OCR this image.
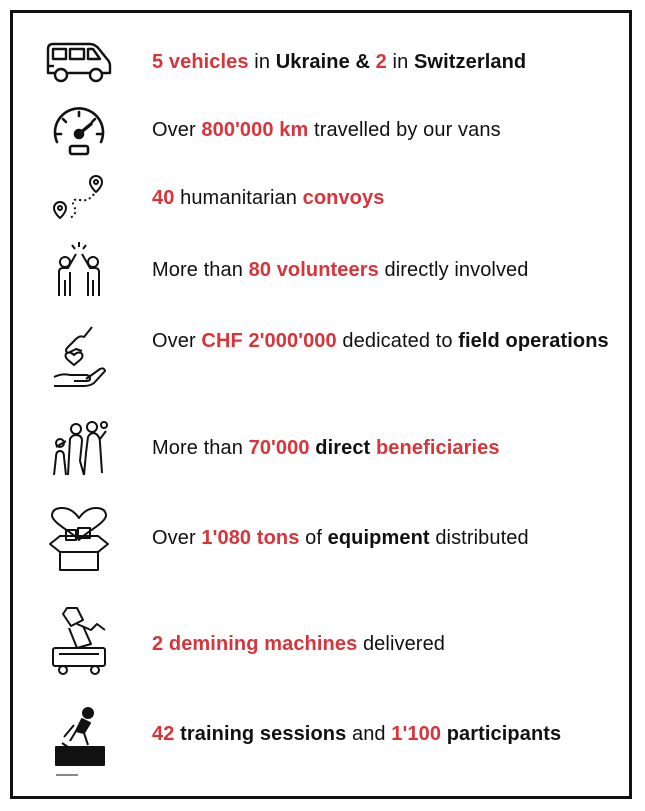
5 vehicles in Ukraine & 2 in Switzerland
Over 800'000 km travelled by our vans
40 humanitarian convoys
More than 80 volunteers directly involved
Over CHF 2'000'000 dedicated to field operations
More than 70'000 direct beneficiaries
Over 1'080 tons of equipment distributed
2 demining machines delivered
42 training sessions and 1'100 participants
